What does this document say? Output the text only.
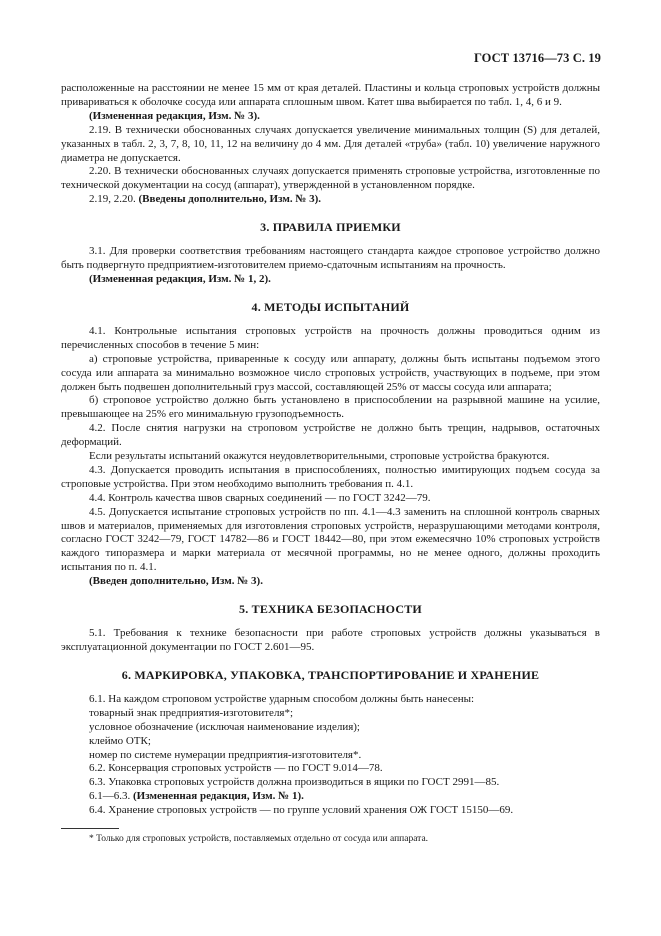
ГОСТ 13716—73 С. 19

расположенные на расстоянии не менее 15 мм от края деталей. Пластины и кольца строповых устройств должны привариваться к оболочке сосуда или аппарата сплошным швом. Катет шва выбирается по табл. 1, 4, 6 и 9.

(Измененная редакция, Изм. № 3).

2.19. В технически обоснованных случаях допускается увеличение минимальных толщин (S) для деталей, указанных в табл. 2, 3, 7, 8, 10, 11, 12 на величину до 4 мм. Для деталей «труба» (табл. 10) увеличение наружного диаметра не допускается.

2.20. В технически обоснованных случаях допускается применять строповые устройства, изготовленные по технической документации на сосуд (аппарат), утвержденной в установленном порядке.

2.19, 2.20. (Введены дополнительно, Изм. № 3).

3. ПРАВИЛА ПРИЕМКИ

3.1. Для проверки соответствия требованиям настоящего стандарта каждое строповое устройство должно быть подвергнуто предприятием-изготовителем приемо-сдаточным испытаниям на прочность.

(Измененная редакция, Изм. № 1, 2).

4. МЕТОДЫ ИСПЫТАНИЙ

4.1. Контрольные испытания строповых устройств на прочность должны проводиться одним из перечисленных способов в течение 5 мин:

а) строповые устройства, приваренные к сосуду или аппарату, должны быть испытаны подъемом этого сосуда или аппарата за минимально возможное число строповых устройств, участвующих в подъеме, при этом должен быть подвешен дополнительный груз массой, составляющей 25% от массы сосуда или аппарата;

б) строповое устройство должно быть установлено в приспособлении на разрывной машине на усилие, превышающее на 25% его минимальную грузоподъемность.

4.2. После снятия нагрузки на строповом устройстве не должно быть трещин, надрывов, остаточных деформаций.

Если результаты испытаний окажутся неудовлетворительными, строповые устройства бракуются.

4.3. Допускается проводить испытания в приспособлениях, полностью имитирующих подъем сосуда за строповые устройства. При этом необходимо выполнить требования п. 4.1.

4.4. Контроль качества швов сварных соединений — по ГОСТ 3242—79.

4.5. Допускается испытание строповых устройств по пп. 4.1—4.3 заменить на сплошной контроль сварных швов и материалов, применяемых для изготовления строповых устройств, неразрушающими методами контроля, согласно ГОСТ 3242—79, ГОСТ 14782—86 и ГОСТ 18442—80, при этом ежемесячно 10% строповых устройств каждого типоразмера и марки материала от месячной программы, но не менее одного, должны проходить испытания по п. 4.1.

(Введен дополнительно, Изм. № 3).

5. ТЕХНИКА БЕЗОПАСНОСТИ

5.1. Требования к технике безопасности при работе строповых устройств должны указываться в эксплуатационной документации по ГОСТ 2.601—95.

6. МАРКИРОВКА, УПАКОВКА, ТРАНСПОРТИРОВАНИЕ И ХРАНЕНИЕ

6.1. На каждом строповом устройстве ударным способом должны быть нанесены:

товарный знак предприятия-изготовителя*;

условное обозначение (исключая наименование изделия);

клеймо ОТК;

номер по системе нумерации предприятия-изготовителя*.

6.2. Консервация строповых устройств — по ГОСТ 9.014—78.

6.3. Упаковка строповых устройств должна производиться в ящики по ГОСТ 2991—85.

6.1—6.3. (Измененная редакция, Изм. № 1).

6.4. Хранение строповых устройств — по группе условий хранения ОЖ ГОСТ 15150—69.

* Только для строповых устройств, поставляемых отдельно от сосуда или аппарата.
